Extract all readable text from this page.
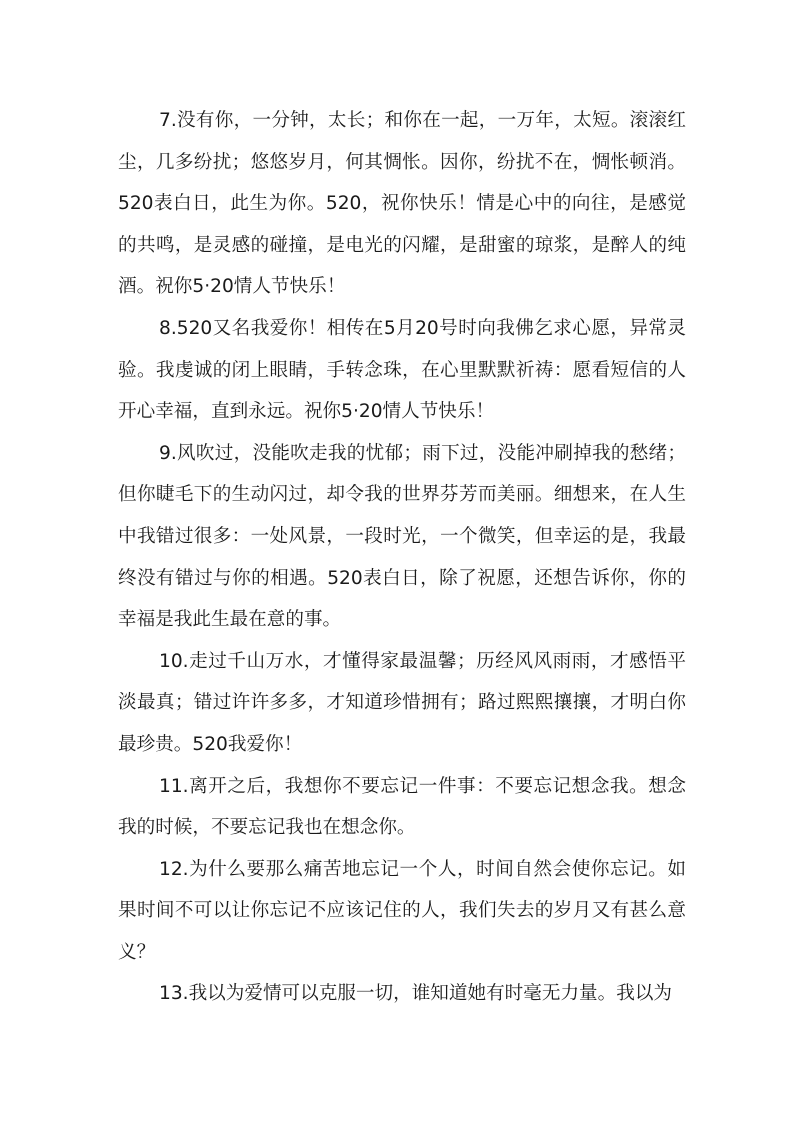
7.没有你，一分钟，太长；和你在一起，一万年，太短。滚滚红尘，几多纷扰；悠悠岁月，何其惆怅。因你，纷扰不在，惆怅顿消。520表白日，此生为你。520，祝你快乐！情是心中的向往，是感觉的共鸣，是灵感的碰撞，是电光的闪耀，是甜蜜的琼浆，是醉人的纯酒。祝你5·20情人节快乐！

8.520又名我爱你！相传在5月20号时向我佛乞求心愿，异常灵验。我虔诚的闭上眼睛，手转念珠，在心里默默祈祷：愿看短信的人开心幸福，直到永远。祝你5·20情人节快乐！

9.风吹过，没能吹走我的忧郁；雨下过，没能冲刷掉我的愁绪；但你睫毛下的生动闪过，却令我的世界芬芳而美丽。细想来，在人生中我错过很多：一处风景，一段时光，一个微笑，但幸运的是，我最终没有错过与你的相遇。520表白日，除了祝愿，还想告诉你，你的幸福是我此生最在意的事。

10.走过千山万水，才懂得家最温馨；历经风风雨雨，才感悟平淡最真；错过许许多多，才知道珍惜拥有；路过熙熙攘攘，才明白你最珍贵。520我爱你！

11.离开之后，我想你不要忘记一件事：不要忘记想念我。想念我的时候，不要忘记我也在想念你。

12.为什么要那么痛苦地忘记一个人，时间自然会使你忘记。如果时间不可以让你忘记不应该记住的人，我们失去的岁月又有甚么意义？

13.我以为爱情可以克服一切，谁知道她有时毫无力量。我以为
